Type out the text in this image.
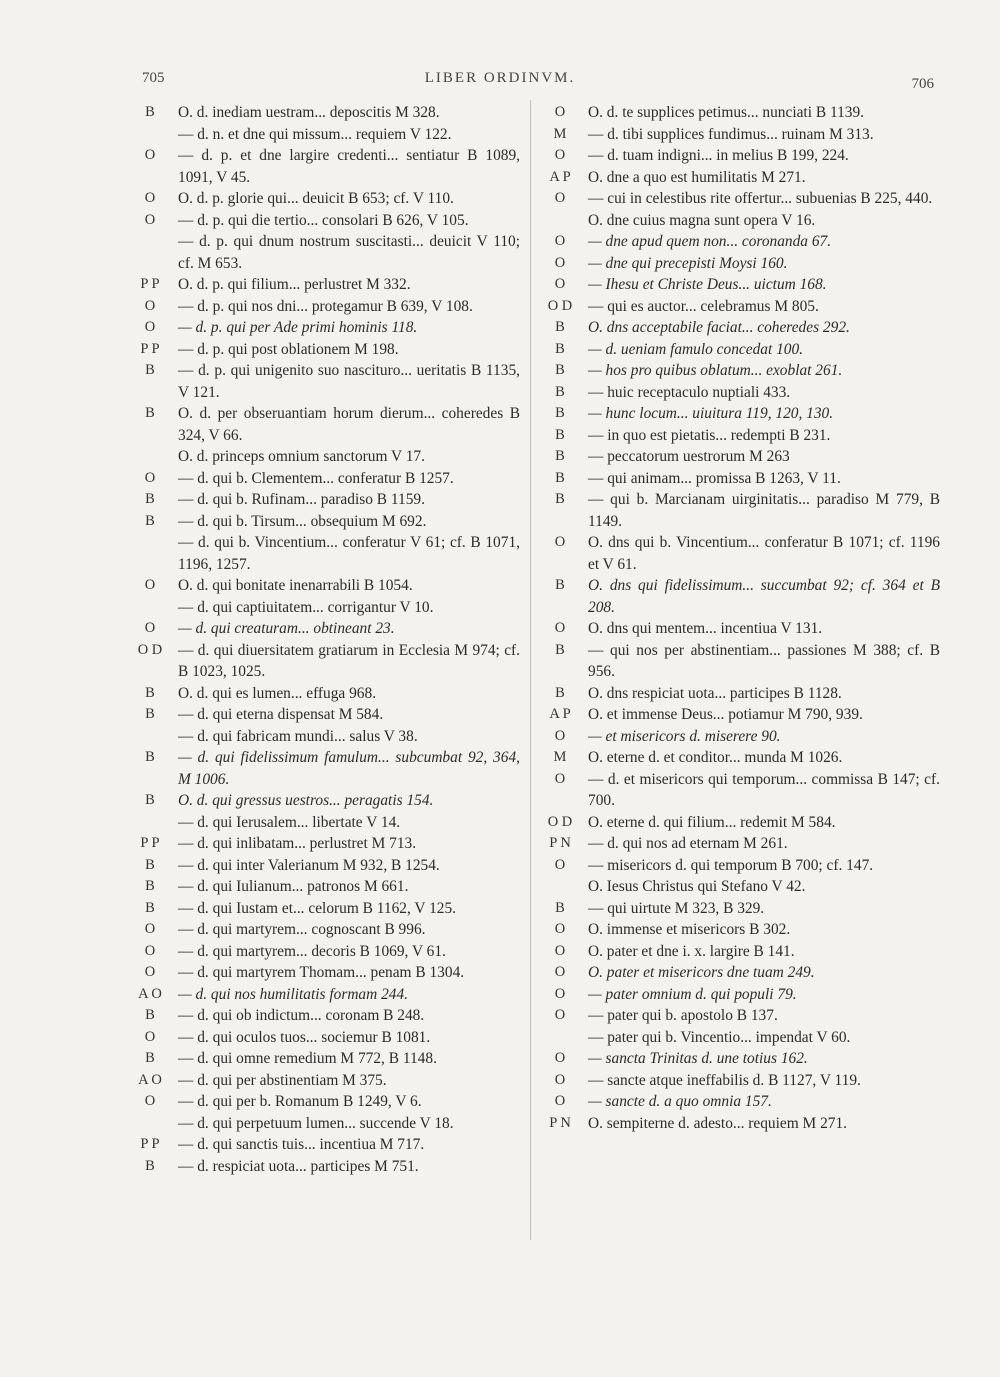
705	LIBER ORDINVM.	706
B	O. d. inediam uestram... deposcitis M 328.
— d. n. et dne qui missum... requiem V 122.
O	— d. p. et dne largire credenti... sentiatur B 1089, 1091, V 45.
O	O. d. p. glorie qui... deuicit B 653; cf. V 110.
O	— d. p. qui die tertio... consolari B 626, V 105.
— d. p. qui dnum nostrum suscitasti... deuicit V 110; cf. M 653.
P P	O. d. p. qui filium... perlustret M 332.
O	— d. p. qui nos dni... protegamur B 639, V 108.
O	— d. p. qui per Ade primi hominis 118.
P P	— d. p. qui post oblationem M 198.
B	— d. p. qui unigenito suo nascituro... ueritatis B 1135, V 121.
B	O. d. per obseruantiam horum dierum... coheredes B 324, V 66.
O. d. princeps omnium sanctorum V 17.
O	— d. qui b. Clementem... conferatur B 1257.
B	— d. qui b. Rufinam... paradiso B 1159.
B	— d. qui b. Tirsum... obsequium M 692.
— d. qui b. Vincentium... conferatur V 61; cf. B 1071, 1196, 1257.
O	O. d. qui bonitate inenarrabili B 1054.
— d. qui captiuitatem... corrigantur V 10.
O	— d. qui creaturam... obtineant 23.
O D	— d. qui diuersitatem gratiarum in Ecclesia M 974; cf. B 1023, 1025.
B	O. d. qui es lumen... effuga 968.
B	— d. qui eterna dispensat M 584.
— d. qui fabricam mundi... salus V 38.
B	— d. qui fidelissimum famulum... subcumbat 92, 364, M 1006.
B	O. d. qui gressus uestros... peragatis 154.
— d. qui Ierusalem... libertate V 14.
P P	— d. qui inlibatam... perlustret M 713.
B	— d. qui inter Valerianum M 932, B 1254.
B	— d. qui Iulianum... patronos M 661.
B	— d. qui Iustam et... celorum B 1162, V 125.
O	— d. qui martyrem... cognoscant B 996.
O	— d. qui martyrem... decoris B 1069, V 61.
O	— d. qui martyrem Thomam... penam B 1304.
A O	— d. qui nos humilitatis formam 244.
B	— d. qui ob indictum... coronam B 248.
O	— d. qui oculos tuos... sociemur B 1081.
B	— d. qui omne remedium M 772, B 1148.
A O	— d. qui per abstinentiam M 375.
O	— d. qui per b. Romanum B 1249, V 6.
— d. qui perpetuum lumen... succende V 18.
P P	— d. qui sanctis tuis... incentiua M 717.
B	— d. respiciat uota... participes M 751.
O	O. d. te supplices petimus... nunciati B 1139.
M	— d. tibi supplices fundimus... ruinam M 313.
O	— d. tuam indigni... in melius B 199, 224.
A P	O. dne a quo est humilitatis M 271.
O	— cui in celestibus rite offertur... subuenias B 225, 440.
O. dne cuius magna sunt opera V 16.
O	— dne apud quem non... coronanda 67.
O	— dne qui precepisti Moysi 160.
O	— Ihesu et Christe Deus... uictum 168.
O D	— qui es auctor... celebramus M 805.
B	O. dns acceptabile faciat... coheredes 292.
B	— d. ueniam famulo concedat 100.
B	— hos pro quibus oblatum... exoblat 261.
B	— huic receptaculo nuptiali 433.
B	— hunc locum... uiuitura 119, 120, 130.
B	— in quo est pietatis... redempti B 231.
B	— peccatorum uestrorum M 263
B	— qui animam... promissa B 1263, V 11.
B	— qui b. Marcianam uirginitatis... paradiso M 779, B 1149.
O	O. dns qui b. Vincentium... conferatur B 1071; cf. 1196 et V 61.
B	O. dns qui fidelissimum... succumbat 92; cf. 364 et B 208.
O	O. dns qui mentem... incentiua V 131.
B	— qui nos per abstinentiam... passiones M 388; cf. B 956.
B	O. dns respiciat uota... participes B 1128.
A P	O. et immense Deus... potiamur M 790, 939.
O	— et misericors d. miserere 90.
M	O. eterne d. et conditor... munda M 1026.
O	— d. et misericors qui temporum... commissa B 147; cf. 700.
O D	O. eterne d. qui filium... redemit M 584.
P N	— d. qui nos ad eternam M 261.
O	— misericors d. qui temporum B 700; cf. 147.
O. Iesus Christus qui Stefano V 42.
B	— qui uirtute M 323, B 329.
O	O. immense et misericors B 302.
O	O. pater et dne i. x. largire B 141.
O	O. pater et misericors dne tuam 249.
O	— pater omnium d. qui populi 79.
O	— pater qui b. apostolo B 137.
— pater qui b. Vincentio... impendat V 60.
O	— sancta Trinitas d. une totius 162.
O	— sancte atque ineffabilis d. B 1127, V 119.
O	— sancte d. a quo omnia 157.
P N	O. sempiterne d. adesto... requiem M 271.
